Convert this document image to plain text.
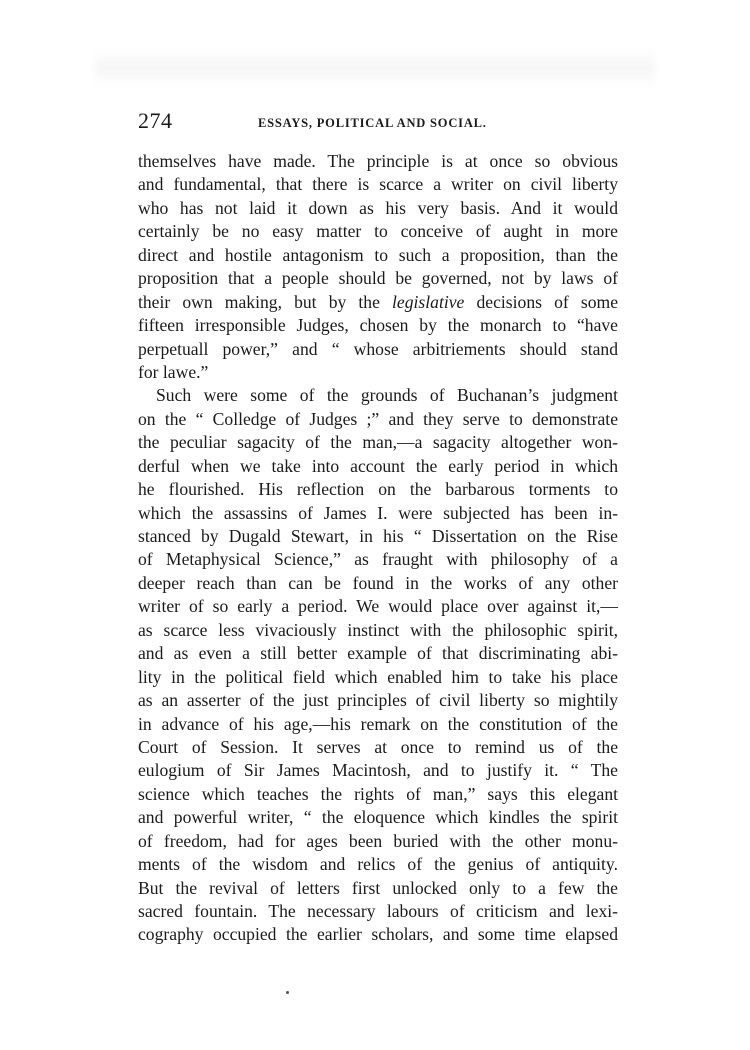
274	ESSAYS, POLITICAL AND SOCIAL.
themselves have made. The principle is at once so obvious
and fundamental, that there is scarce a writer on civil liberty
who has not laid it down as his very basis. And it would
certainly be no easy matter to conceive of aught in more
direct and hostile antagonism to such a proposition, than the
proposition that a people should be governed, not by laws of
their own making, but by the legislative decisions of some
fifteen irresponsible Judges, chosen by the monarch to “have
perpetuall power,” and “ whose arbitriements should stand
for lawe.”
Such were some of the grounds of Buchanan’s judgment
on the “ Colledge of Judges ;” and they serve to demonstrate
the peculiar sagacity of the man,—a sagacity altogether won-
derful when we take into account the early period in which
he flourished. His reflection on the barbarous torments to
which the assassins of James I. were subjected has been in-
stanced by Dugald Stewart, in his “ Dissertation on the Rise
of Metaphysical Science,” as fraught with philosophy of a
deeper reach than can be found in the works of any other
writer of so early a period. We would place over against it,—
as scarce less vivaciously instinct with the philosophic spirit,
and as even a still better example of that discriminating abi-
lity in the political field which enabled him to take his place
as an asserter of the just principles of civil liberty so mightily
in advance of his age,—his remark on the constitution of the
Court of Session. It serves at once to remind us of the
eulogium of Sir James Macintosh, and to justify it. “ The
science which teaches the rights of man,” says this elegant
and powerful writer, “ the eloquence which kindles the spirit
of freedom, had for ages been buried with the other monu-
ments of the wisdom and relics of the genius of antiquity.
But the revival of letters first unlocked only to a few the
sacred fountain. The necessary labours of criticism and lexi-
cography occupied the earlier scholars, and some time elapsed
